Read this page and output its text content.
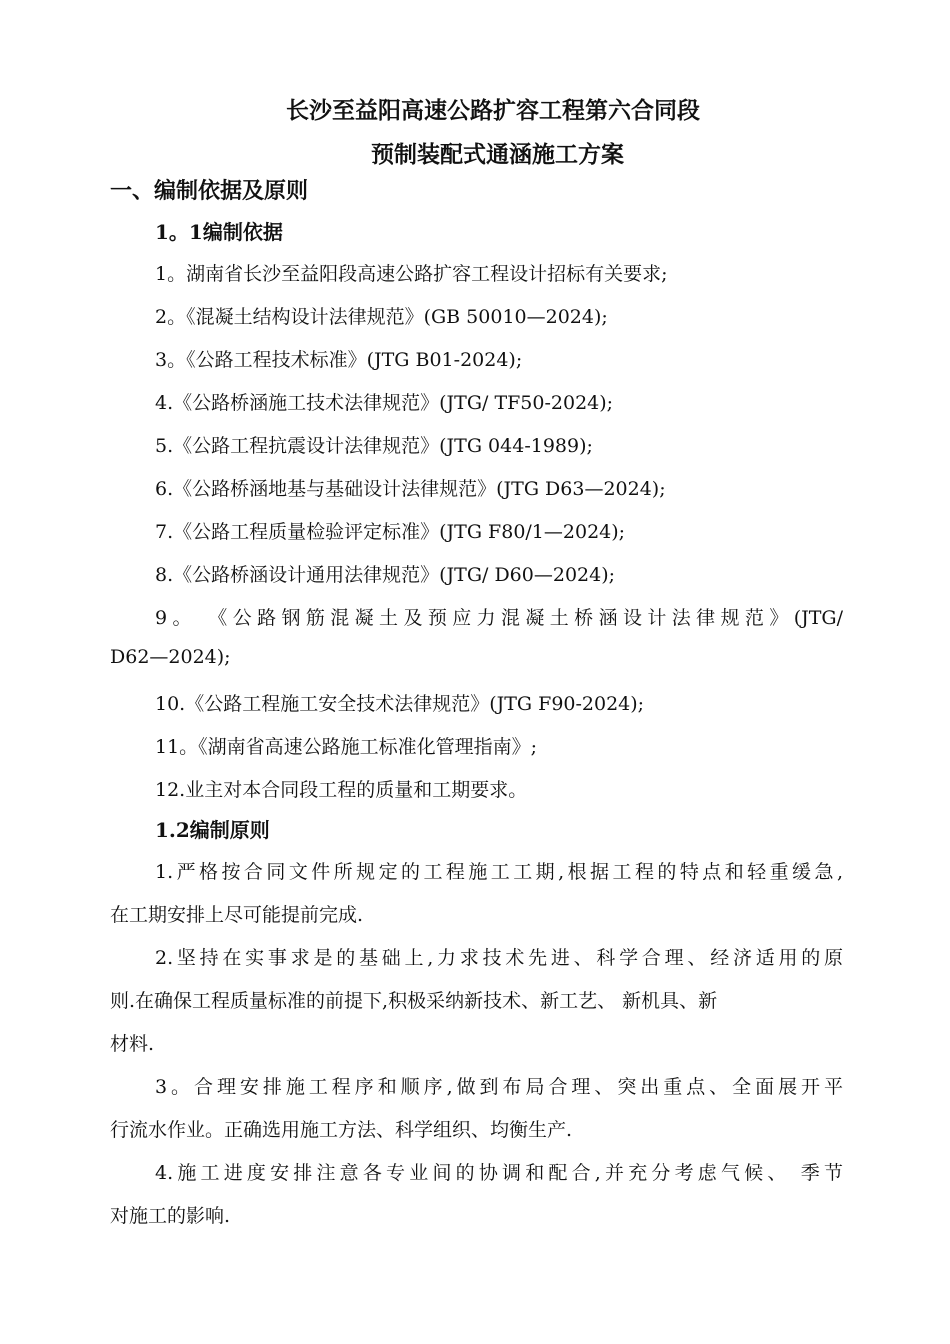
长沙至益阳高速公路扩容工程第六合同段
预制装配式通涵施工方案
一、编制依据及原则
1。1编制依据
1。湖南省长沙至益阳段高速公路扩容工程设计招标有关要求;
2。《混凝土结构设计法律规范》(GB 50010—2024);
3。《公路工程技术标准》(JTG B01-2024);
4.《公路桥涵施工技术法律规范》(JTG/ TF50-2024);
5.《公路工程抗震设计法律规范》(JTG 044-1989);
6.《公路桥涵地基与基础设计法律规范》(JTG D63—2024);
7.《公路工程质量检验评定标准》(JTG F80/1—2024);
8.《公路桥涵设计通用法律规范》(JTG/ D60—2024);
9。 《公路钢筋混凝土及预应力混凝土桥涵设计法律规范》(JTG/
D62—2024);
10.《公路工程施工安全技术法律规范》(JTG F90-2024);
11。《湖南省高速公路施工标准化管理指南》;
12.业主对本合同段工程的质量和工期要求。
1.2编制原则
1.严格按合同文件所规定的工程施工工期,根据工程的特点和轻重缓急,
在工期安排上尽可能提前完成.
2.坚持在实事求是的基础上,力求技术先进、科学合理、经济适用的原
则.在确保工程质量标准的前提下,积极采纳新技术、新工艺、 新机具、新
材料.
3。合理安排施工程序和顺序,做到布局合理、突出重点、全面展开平
行流水作业。正确选用施工方法、科学组织、均衡生产.
4.施工进度安排注意各专业间的协调和配合,并充分考虑气候、 季节
对施工的影响.
